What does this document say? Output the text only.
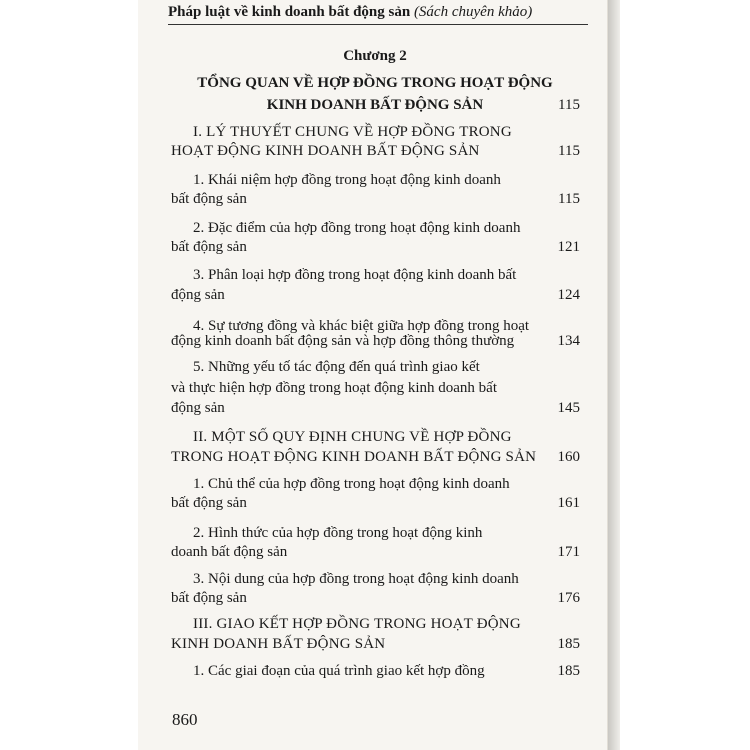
Pháp luật về kinh doanh bất động sản (Sách chuyên khảo)
Chương 2
TỔNG QUAN VỀ HỢP ĐỒNG TRONG HOẠT ĐỘNG
KINH DOANH BẤT ĐỘNG SẢN	115
I. LÝ THUYẾT CHUNG VỀ HỢP ĐỒNG TRONG
HOẠT ĐỘNG KINH DOANH BẤT ĐỘNG SẢN	115
1. Khái niệm hợp đồng trong hoạt động kinh doanh
bất động sản	115
2. Đặc điểm của hợp đồng trong hoạt động kinh doanh
bất động sản	121
3. Phân loại hợp đồng trong hoạt động kinh doanh bất
động sản	124
4. Sự tương đồng và khác biệt giữa hợp đồng trong hoạt
động kinh doanh bất động sản và hợp đồng thông thường	134
5. Những yếu tố tác động đến quá trình giao kết
và thực hiện hợp đồng trong hoạt động kinh doanh bất
động sản	145
II. MỘT SỐ QUY ĐỊNH CHUNG VỀ HỢP ĐỒNG
TRONG HOẠT ĐỘNG KINH DOANH BẤT ĐỘNG SẢN	160
1. Chủ thể của hợp đồng trong hoạt động kinh doanh
bất động sản	161
2. Hình thức của hợp đồng trong hoạt động kinh
doanh bất động sản	171
3. Nội dung của hợp đồng trong hoạt động kinh doanh
bất động sản	176
III. GIAO KẾT HỢP ĐỒNG TRONG HOẠT ĐỘNG
KINH DOANH BẤT ĐỘNG SẢN	185
1. Các giai đoạn của quá trình giao kết hợp đồng	185
860
